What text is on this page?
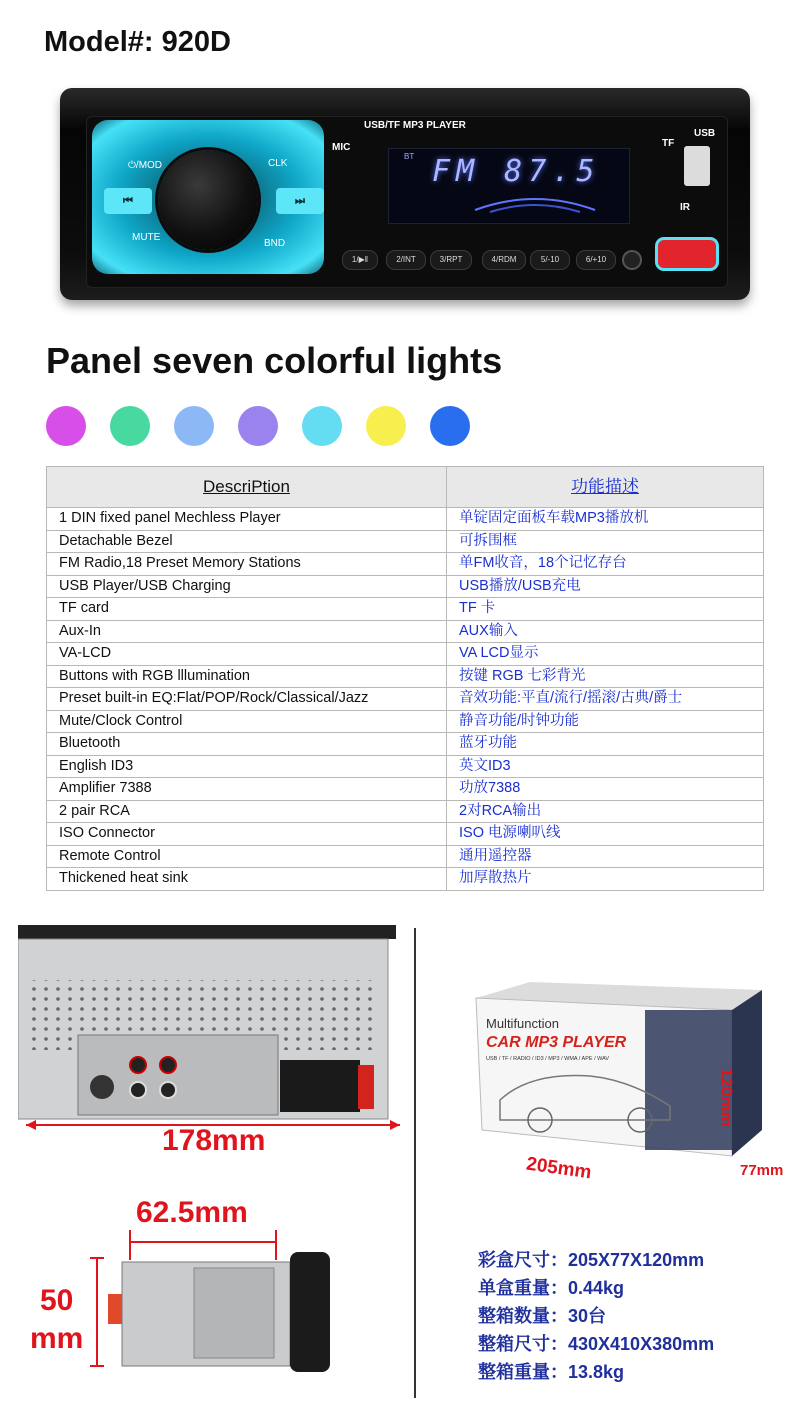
Model#: 920D
⏻/MOD	CLK
⏮	⏭
MUTE
BND
USB/TF MP3 PLAYER
MIC
BT FM 87.5
1/▶‖	2/INT	3/RPT	4/RDM	5/-10	6/+10
TF
USB
IR
Panel seven colorful lights
DescriPtion	功能描述
1 DIN fixed panel Mechless Player	单锭固定面板车载MP3播放机
Detachable Bezel	可拆围框
FM Radio,18 Preset Memory Stations	单FM收音，18个记忆存台
USB Player/USB Charging	USB播放/USB充电
TF card	TF 卡
Aux-In	AUX输入
VA-LCD	VA LCD显示
Buttons with RGB lllumination	按键 RGB 七彩背光
Preset built-in EQ:Flat/POP/Rock/Classical/Jazz	音效功能:平直/流行/摇滚/古典/爵士
Mute/Clock Control	静音功能/时钟功能
Bluetooth	蓝牙功能
English ID3	英文ID3
Amplifier 7388	功放7388
2 pair RCA	2对RCA输出
ISO Connector	ISO 电源喇叭线
Remote Control	通用遥控器
Thickened heat sink	加厚散热片
178mm
62.5mm
50
mm
Multifunction
CAR MP3 PLAYER
USB / TF / RADIO / ID3 / MP3 / WMA / APE / WAV
205mm	77mm
120mm
彩盒尺寸：205X77X120mm
单盒重量：0.44kg
整箱数量：30台
整箱尺寸：430X410X380mm
整箱重量：13.8kg
